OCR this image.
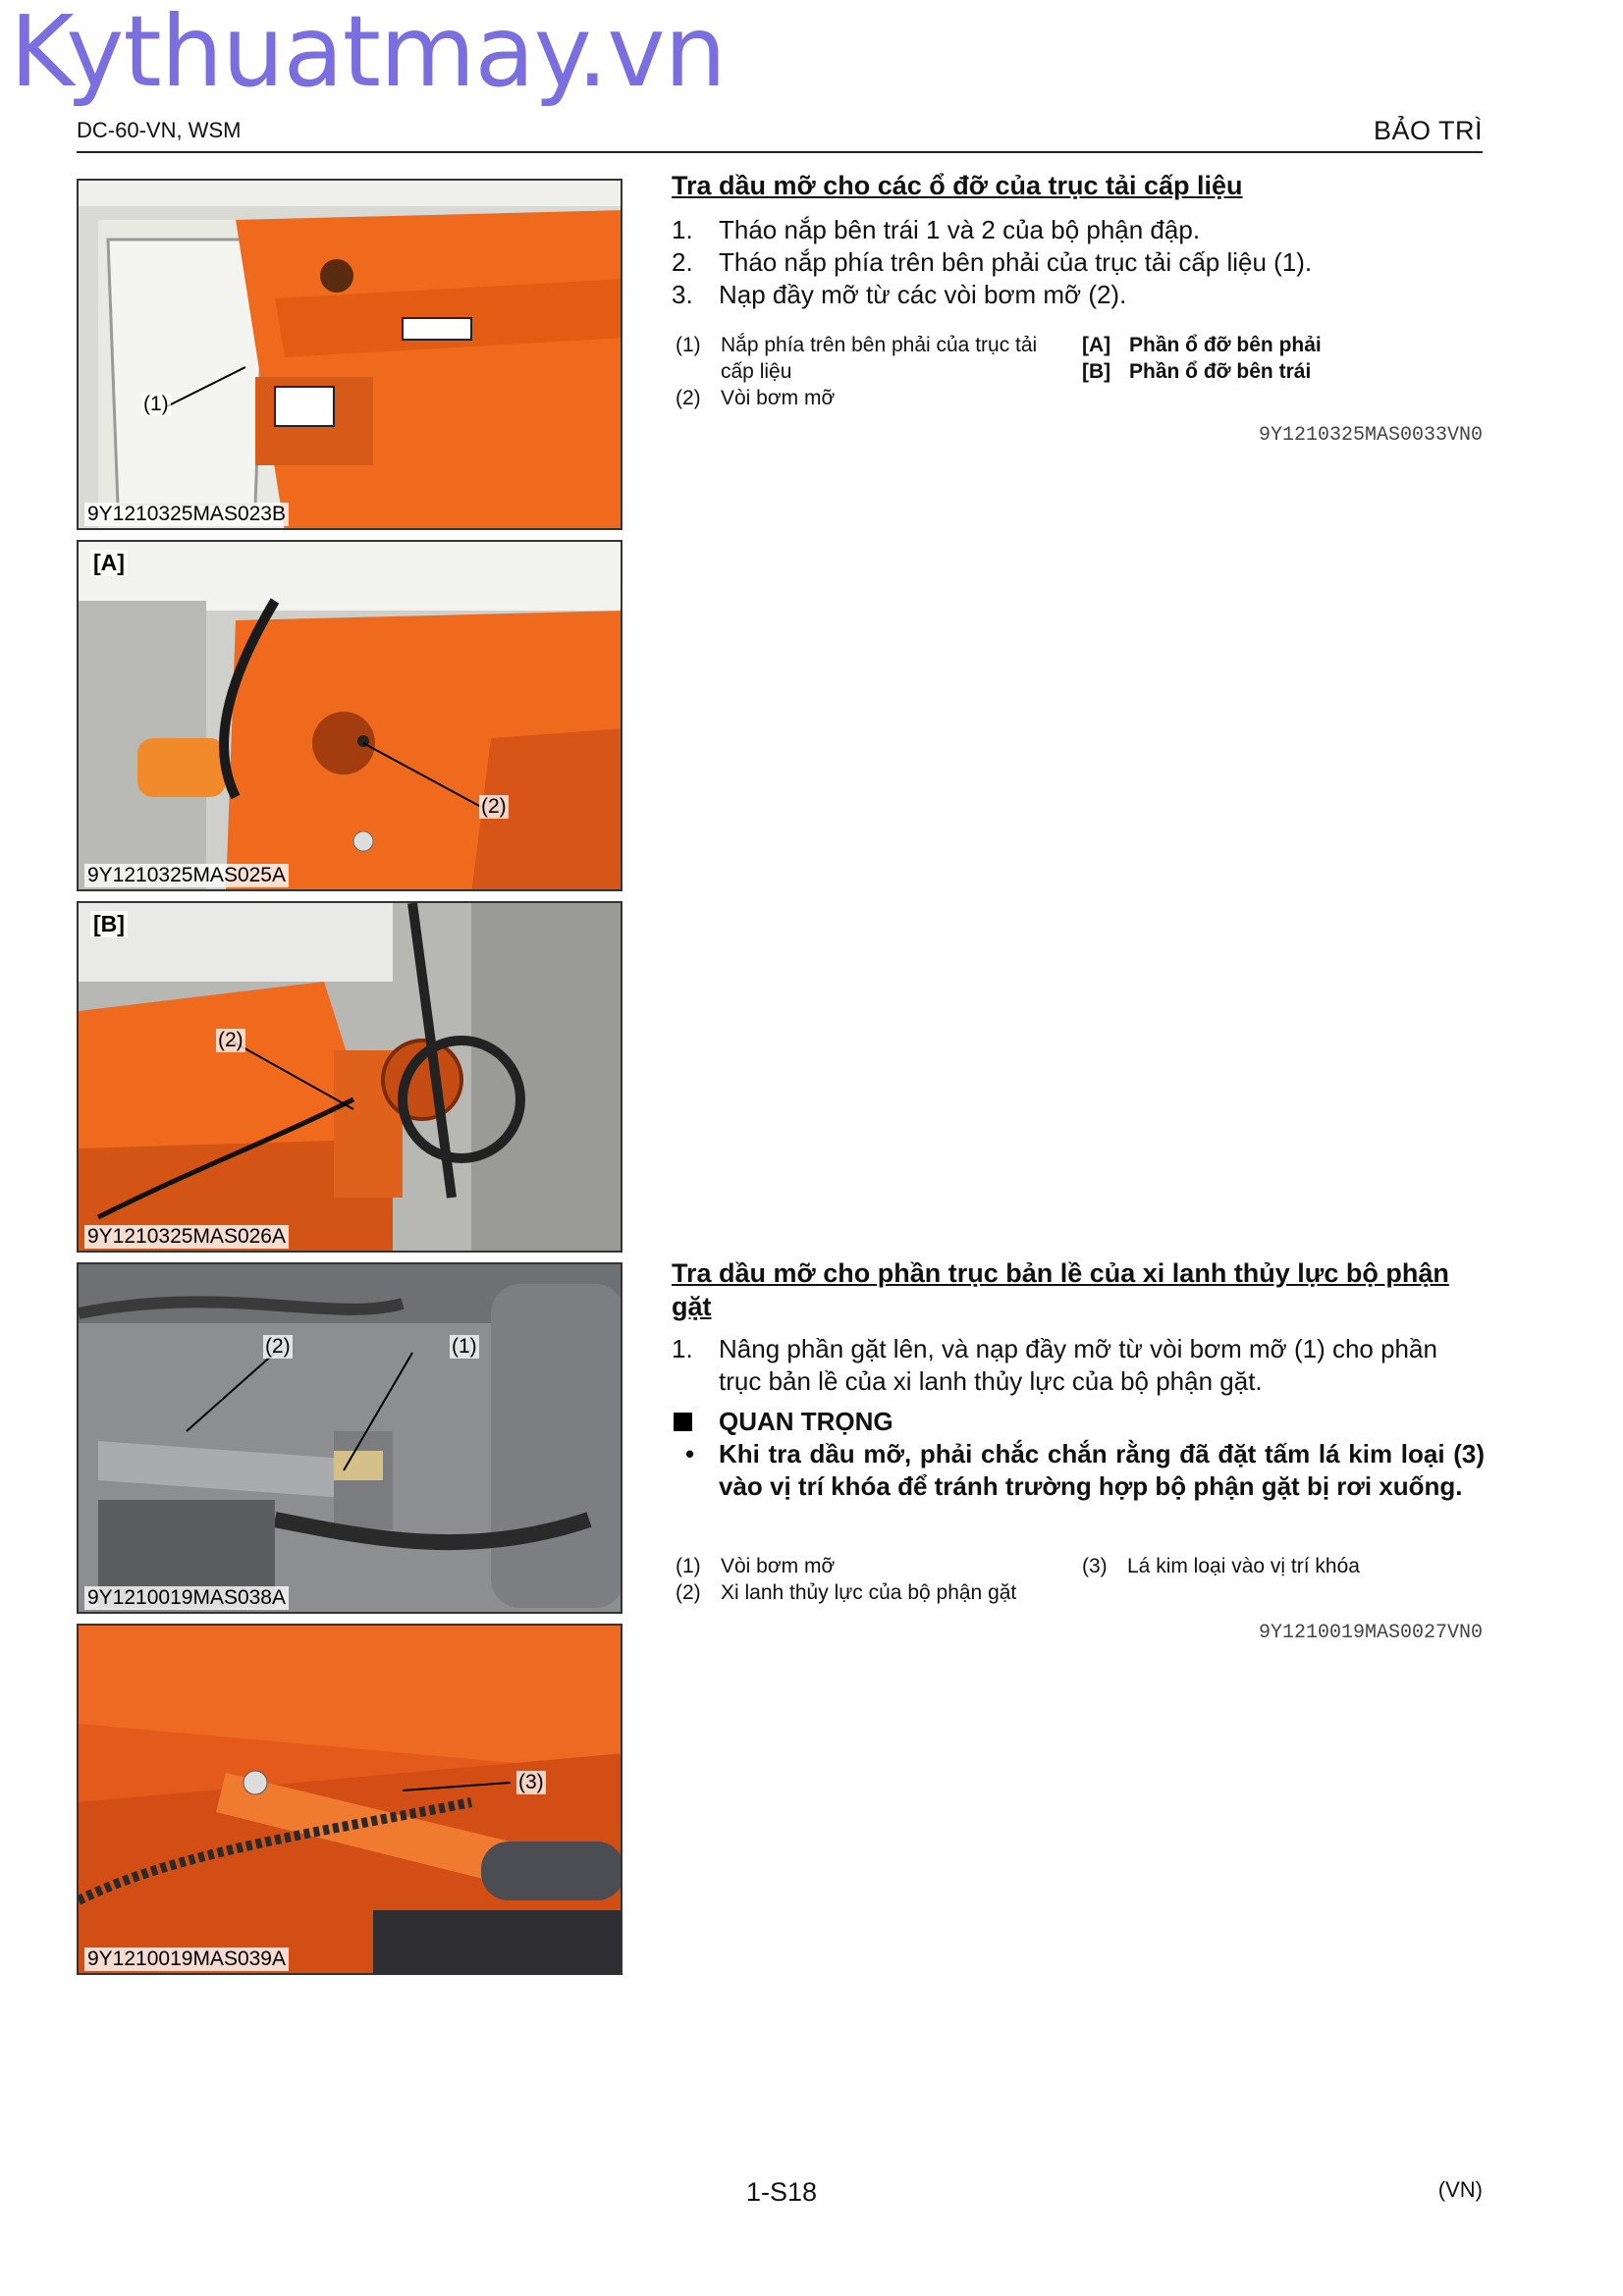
Kythuatmay.vn
DC-60-VN, WSM	BẢO TRÌ
(1)
9Y1210325MAS023B
[A]
(2)
9Y1210325MAS025A
[B]
(2)
9Y1210325MAS026A
(2)	(1)
9Y1210019MAS038A
(3)
9Y1210019MAS039A
Tra dầu mỡ cho các ổ đỡ của trục tải cấp liệu
1. Tháo nắp bên trái 1 và 2 của bộ phận đập.
2. Tháo nắp phía trên bên phải của trục tải cấp liệu (1).
3. Nạp đầy mỡ từ các vòi bơm mỡ (2).
(1) Nắp phía trên bên phải của trục tải cấp liệu
(2) Vòi bơm mỡ
[A] Phần ổ đỡ bên phải
[B] Phần ổ đỡ bên trái
9Y1210325MAS0033VN0
Tra dầu mỡ cho phần trục bản lề của xi lanh thủy lực bộ phận gặt
1. Nâng phần gặt lên, và nạp đầy mỡ từ vòi bơm mỡ (1) cho phần trục bản lề của xi lanh thủy lực của bộ phận gặt.
QUAN TRỌNG
• Khi tra dầu mỡ, phải chắc chắn rằng đã đặt tấm lá kim loại (3) vào vị trí khóa để tránh trường hợp bộ phận gặt bị rơi xuống.
(1) Vòi bơm mỡ
(2) Xi lanh thủy lực của bộ phận gặt
(3) Lá kim loại vào vị trí khóa
9Y1210019MAS0027VN0
1-S18	(VN)
